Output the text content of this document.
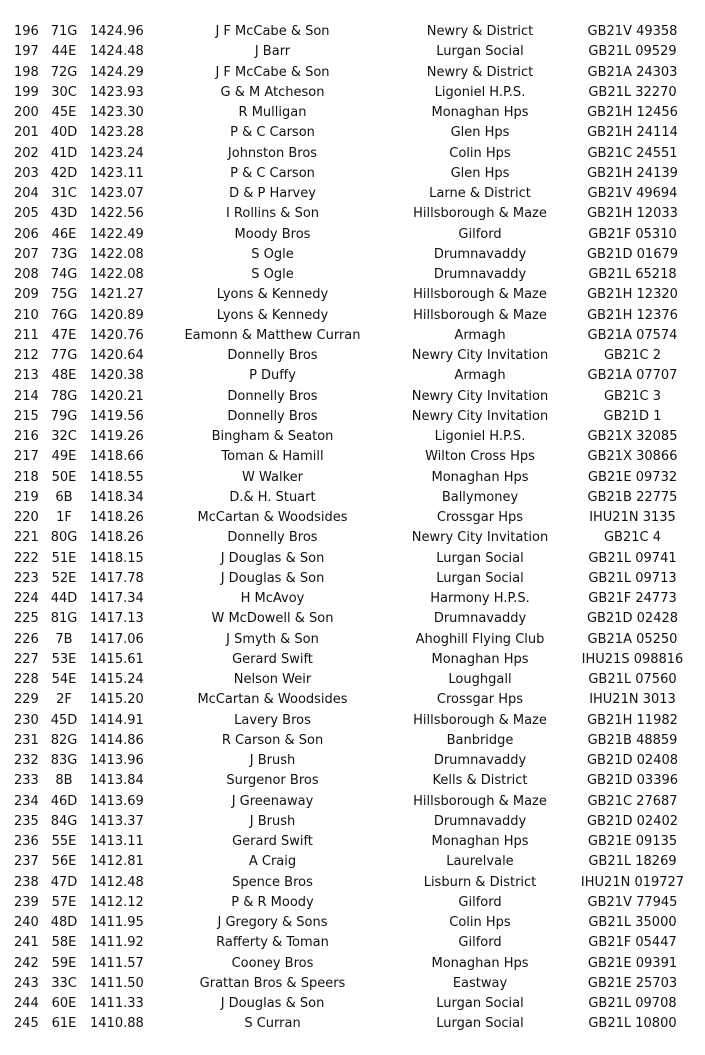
196 71G 1424.96	J F McCabe & Son	Newry & District	GB21V 49358
197 44E	1424.48	J Barr	Lurgan Social	GB21L 09529
198 72G 1424.29	J F McCabe & Son	Newry & District	GB21A 24303
199 30C	1423.93	G & M Atcheson	Ligoniel H.P.S.	GB21L 32270
200 45E	1423.30	R Mulligan	Monaghan Hps	GB21H 12456
201 40D 1423.28	P & C Carson	Glen Hps	GB21H 24114
202 41D 1423.24	Johnston Bros	Colin Hps	GB21C 24551
203 42D 1423.11	P & C Carson	Glen Hps	GB21H 24139
204 31C	1423.07	D & P Harvey	Larne & District	GB21V 49694
205 43D 1422.56	I Rollins & Son	Hillsborough & Maze	GB21H 12033
206 46E	1422.49	Moody Bros	Gilford	GB21F 05310
207 73G 1422.08	S Ogle	Drumnavaddy	GB21D 01679
208 74G 1422.08	S Ogle	Drumnavaddy	GB21L 65218
209 75G 1421.27	Lyons & Kennedy	Hillsborough & Maze	GB21H 12320
210 76G 1420.89	Lyons & Kennedy	Hillsborough & Maze	GB21H 12376
211 47E	1420.76	Eamonn & Matthew Curran	Armagh	GB21A 07574
212 77G 1420.64	Donnelly Bros	Newry City Invitation	GB21C 2
213 48E	1420.38	P Duffy	Armagh	GB21A 07707
214 78G 1420.21	Donnelly Bros	Newry City Invitation	GB21C 3
215 79G 1419.56	Donnelly Bros	Newry City Invitation	GB21D 1
216 32C	1419.26	Bingham & Seaton	Ligoniel H.P.S.	GB21X 32085
217 49E	1418.66	Toman & Hamill	Wilton Cross Hps	GB21X 30866
218 50E	1418.55	W Walker	Monaghan Hps	GB21E 09732
219	6B	1418.34	D.& H. Stuart	Ballymoney	GB21B 22775
220	1F	1418.26	McCartan & Woodsides	Crossgar Hps	IHU21N 3135
221 80G 1418.26	Donnelly Bros	Newry City Invitation	GB21C 4
222 51E	1418.15	J Douglas & Son	Lurgan Social	GB21L 09741
223 52E	1417.78	J Douglas & Son	Lurgan Social	GB21L 09713
224 44D 1417.34	H McAvoy	Harmony H.P.S.	GB21F 24773
225 81G 1417.13	W McDowell & Son	Drumnavaddy	GB21D 02428
226	7B	1417.06	J Smyth & Son	Ahoghill Flying Club	GB21A 05250
227 53E	1415.61	Gerard Swift	Monaghan Hps	IHU21S 098816
228 54E	1415.24	Nelson Weir	Loughgall	GB21L 07560
229	2F	1415.20	McCartan & Woodsides	Crossgar Hps	IHU21N 3013
230 45D 1414.91	Lavery Bros	Hillsborough & Maze	GB21H 11982
231 82G 1414.86	R Carson & Son	Banbridge	GB21B 48859
232 83G 1413.96	J Brush	Drumnavaddy	GB21D 02408
233	8B	1413.84	Surgenor Bros	Kells & District	GB21D 03396
234 46D 1413.69	J Greenaway	Hillsborough & Maze	GB21C 27687
235 84G 1413.37	J Brush	Drumnavaddy	GB21D 02402
236 55E	1413.11	Gerard Swift	Monaghan Hps	GB21E 09135
237 56E	1412.81	A Craig	Laurelvale	GB21L 18269
238 47D 1412.48	Spence Bros	Lisburn & District	IHU21N 019727
239 57E	1412.12	P & R Moody	Gilford	GB21V 77945
240 48D 1411.95	J Gregory & Sons	Colin Hps	GB21L 35000
241 58E	1411.92	Rafferty & Toman	Gilford	GB21F 05447
242 59E	1411.57	Cooney Bros	Monaghan Hps	GB21E 09391
243 33C	1411.50	Grattan Bros & Speers	Eastway	GB21E 25703
244 60E	1411.33	J Douglas & Son	Lurgan Social	GB21L 09708
245 61E	1410.88	S Curran	Lurgan Social	GB21L 10800
